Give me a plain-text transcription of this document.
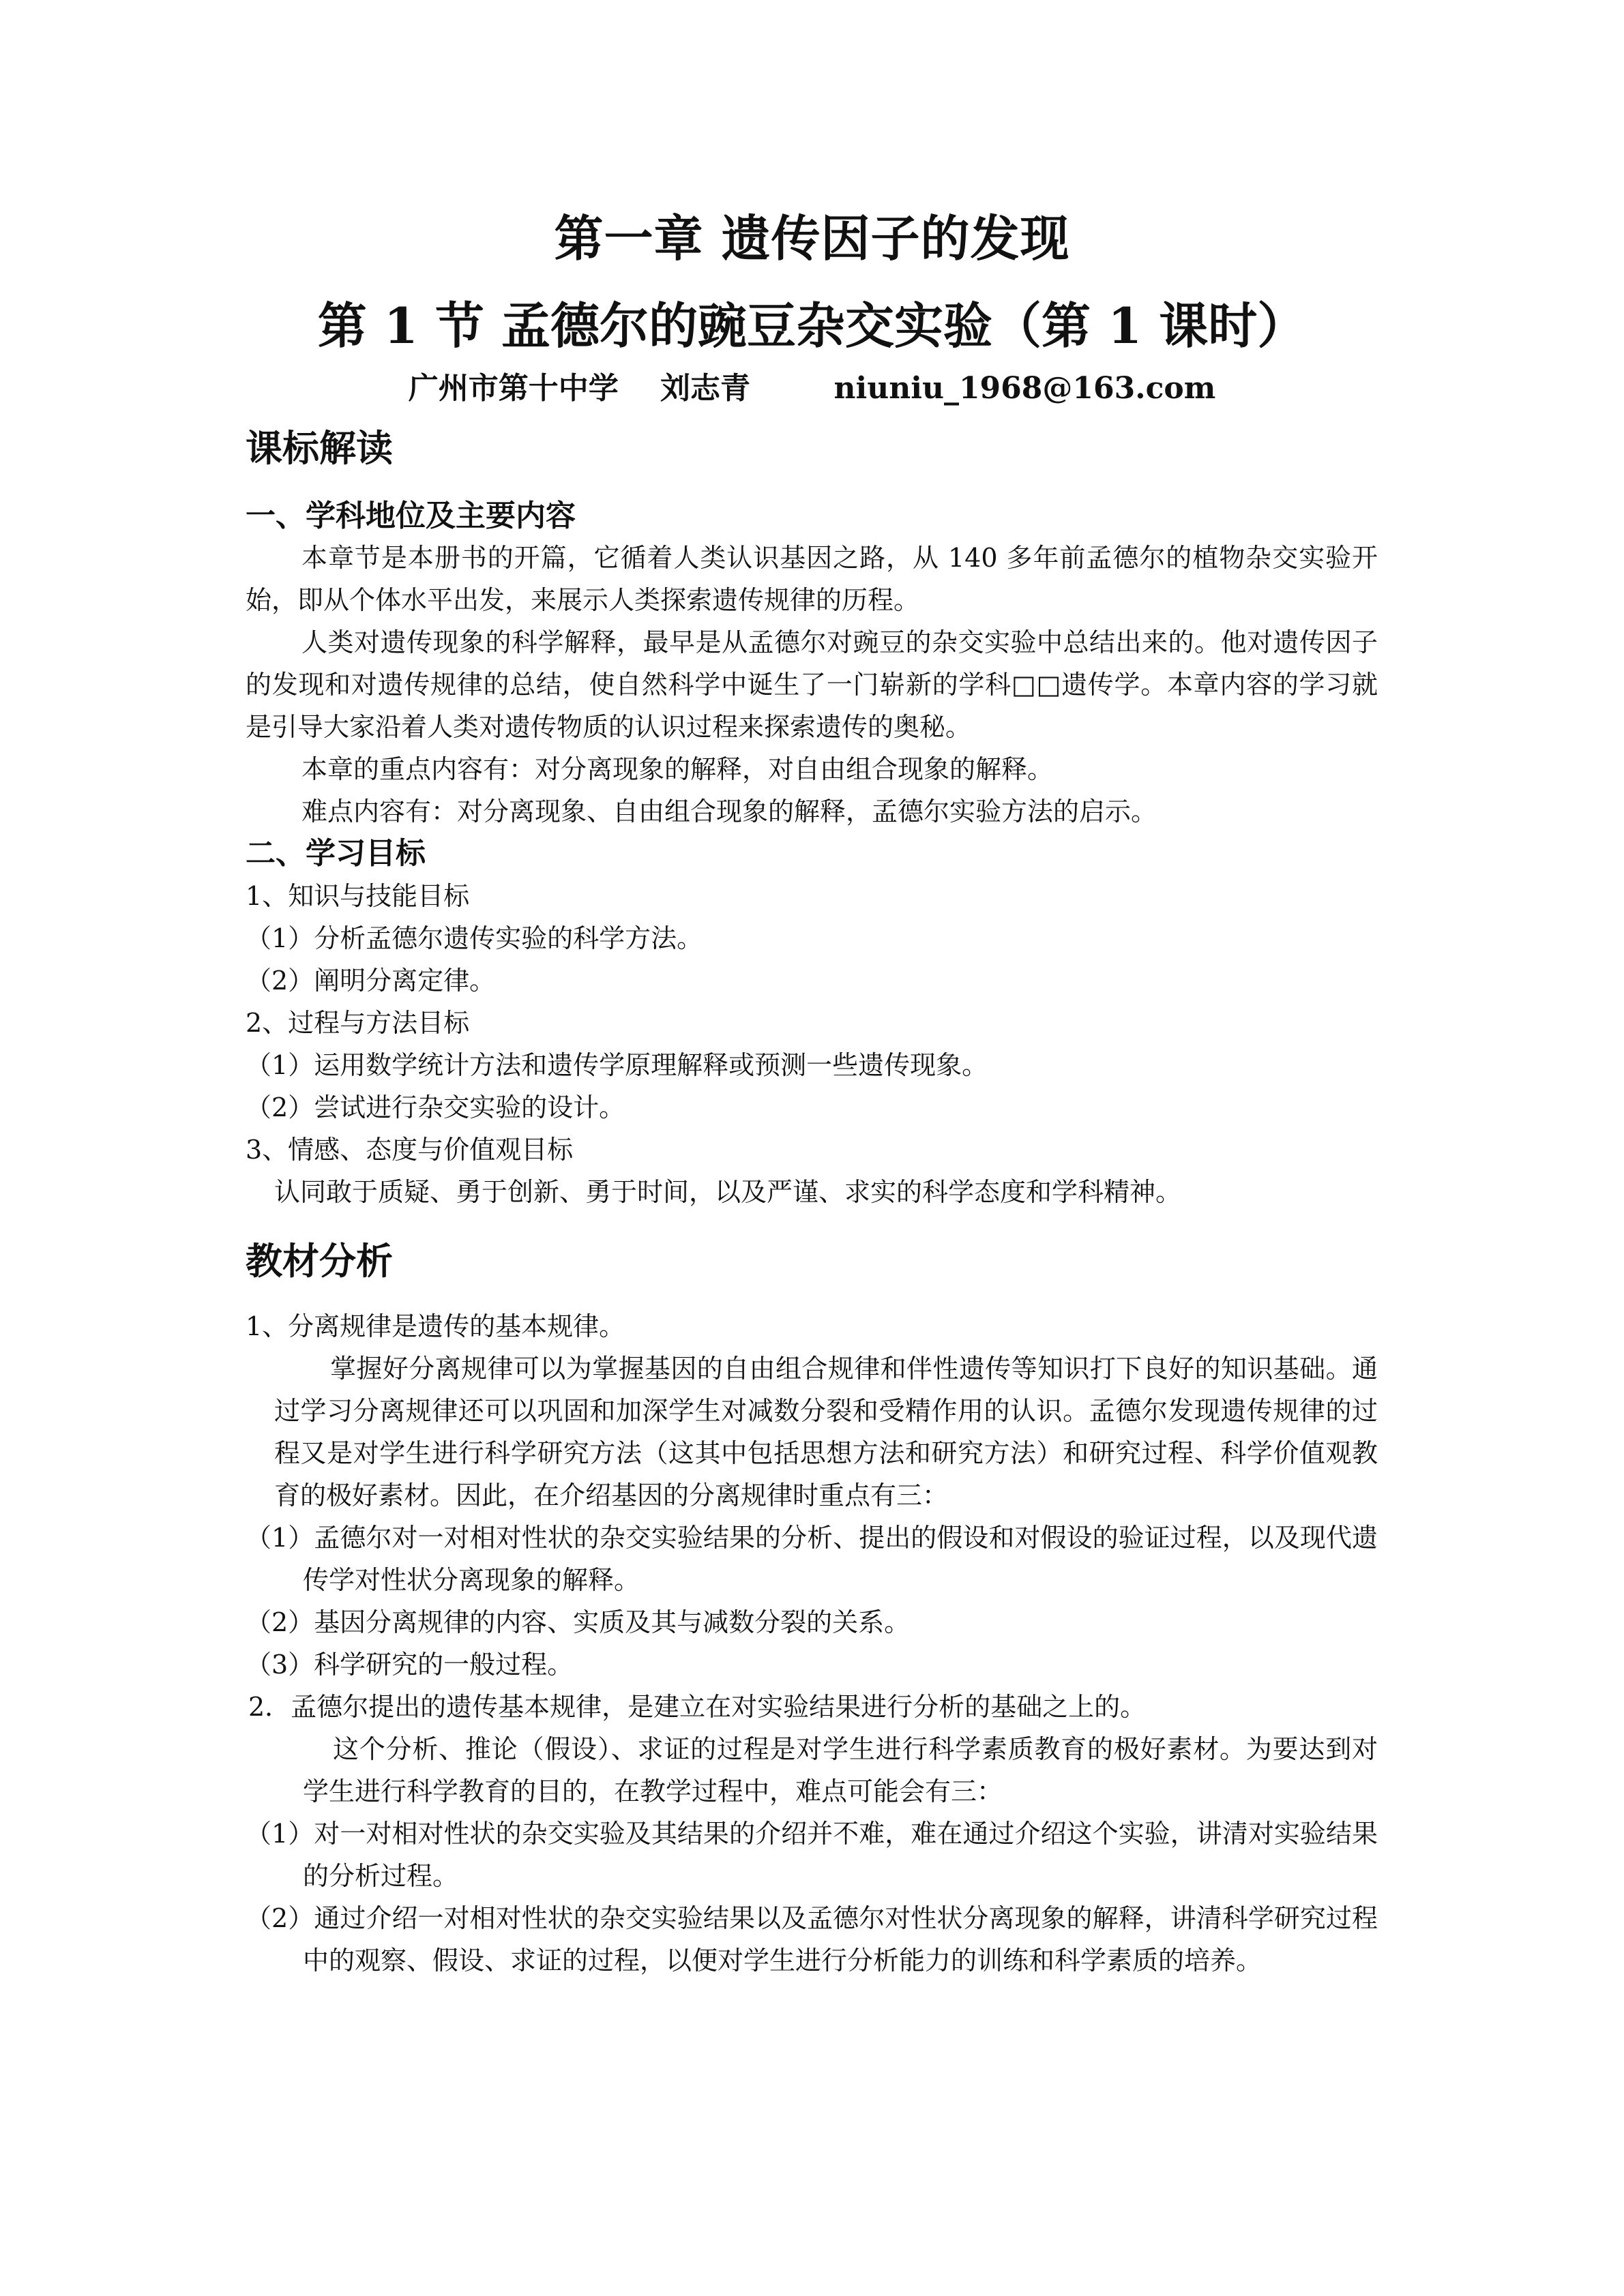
第一章 遗传因子的发现
第 1 节 孟德尔的豌豆杂交实验（第 1 课时）
广州市第十中学    刘志青        niuniu_1968@163.com
课标解读
一、学科地位及主要内容
本章节是本册书的开篇，它循着人类认识基因之路，从 140 多年前孟德尔的植物杂交实验开始，即从个体水平出发，来展示人类探索遗传规律的历程。
人类对遗传现象的科学解释，最早是从孟德尔对豌豆的杂交实验中总结出来的。他对遗传因子的发现和对遗传规律的总结，使自然科学中诞生了一门崭新的学科□□遗传学。本章内容的学习就是引导大家沿着人类对遗传物质的认识过程来探索遗传的奥秘。
本章的重点内容有：对分离现象的解释，对自由组合现象的解释。
难点内容有：对分离现象、自由组合现象的解释，孟德尔实验方法的启示。
二、学习目标
1、知识与技能目标
（1）分析孟德尔遗传实验的科学方法。
（2）阐明分离定律。
2、过程与方法目标
（1）运用数学统计方法和遗传学原理解释或预测一些遗传现象。
（2）尝试进行杂交实验的设计。
3、情感、态度与价值观目标
认同敢于质疑、勇于创新、勇于时间，以及严谨、求实的科学态度和学科精神。
教材分析
1、分离规律是遗传的基本规律。
掌握好分离规律可以为掌握基因的自由组合规律和伴性遗传等知识打下良好的知识基础。通过学习分离规律还可以巩固和加深学生对减数分裂和受精作用的认识。孟德尔发现遗传规律的过程又是对学生进行科学研究方法（这其中包括思想方法和研究方法）和研究过程、科学价值观教育的极好素材。因此，在介绍基因的分离规律时重点有三：
（1）孟德尔对一对相对性状的杂交实验结果的分析、提出的假设和对假设的验证过程，以及现代遗传学对性状分离现象的解释。
（2）基因分离规律的内容、实质及其与减数分裂的关系。
（3）科学研究的一般过程。
2．孟德尔提出的遗传基本规律，是建立在对实验结果进行分析的基础之上的。
这个分析、推论（假设）、求证的过程是对学生进行科学素质教育的极好素材。为要达到对学生进行科学教育的目的，在教学过程中，难点可能会有三：
（1）对一对相对性状的杂交实验及其结果的介绍并不难，难在通过介绍这个实验，讲清对实验结果的分析过程。
（2）通过介绍一对相对性状的杂交实验结果以及孟德尔对性状分离现象的解释，讲清科学研究过程中的观察、假设、求证的过程，以便对学生进行分析能力的训练和科学素质的培养。
